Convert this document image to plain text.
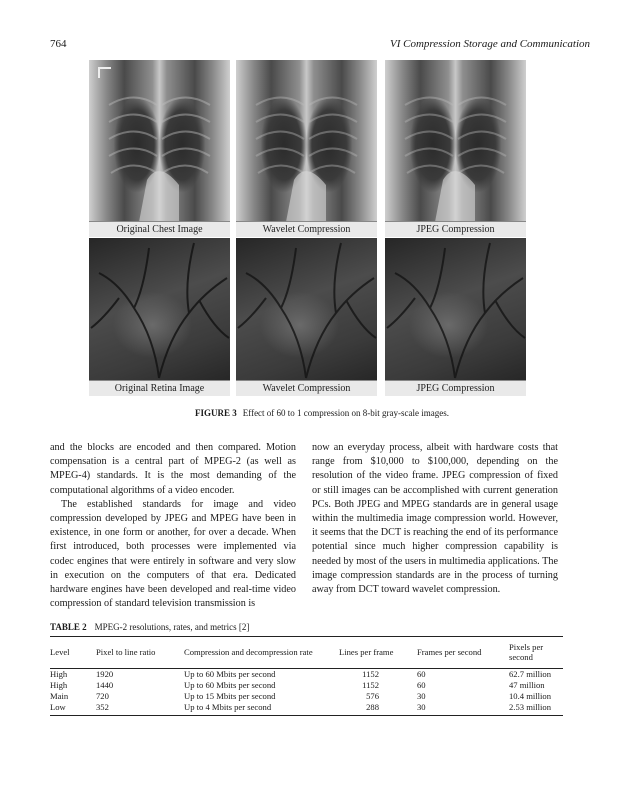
764	VI Compression Storage and Communication
Original Chest Image	Wavelet Compression	JPEG Compression
Original Retina Image	Wavelet Compression	JPEG Compression
FIGURE 3 Effect of 60 to 1 compression on 8-bit gray-scale images.

and the blocks are encoded and then compared. Motion compensation is a central part of MPEG-2 (as well as MPEG-4) standards. It is the most demanding of the computational algorithms of a video encoder.

The established standards for image and video compression developed by JPEG and MPEG have been in existence, in one form or another, for over a decade. When first introduced, both processes were implemented via codec engines that were entirely in software and very slow in execution on the computers of that era. Dedicated hardware engines have been developed and real-time video compression of standard television transmission is

now an everyday process, albeit with hardware costs that range from $10,000 to $100,000, depending on the resolution of the video frame. JPEG compression of fixed or still images can be accomplished with current generation PCs. Both JPEG and MPEG standards are in general usage within the multimedia image compression world. However, it seems that the DCT is reaching the end of its performance potential since much higher compression capability is needed by most of the users in multimedia applications. The image compression standards are in the process of turning away from DCT toward wavelet compression.

TABLE 2 MPEG-2 resolutions, rates, and metrics [2]
Level	Pixel to line ratio	Compression and decompression rate	Lines per frame	Frames per second	Pixels per second
High	1920	Up to 60 Mbits per second	1152	60	62.7 million
High	1440	Up to 60 Mbits per second	1152	60	47 million
Main	720	Up to 15 Mbits per second	576	30	10.4 million
Low	352	Up to 4 Mbits per second	288	30	2.53 million
